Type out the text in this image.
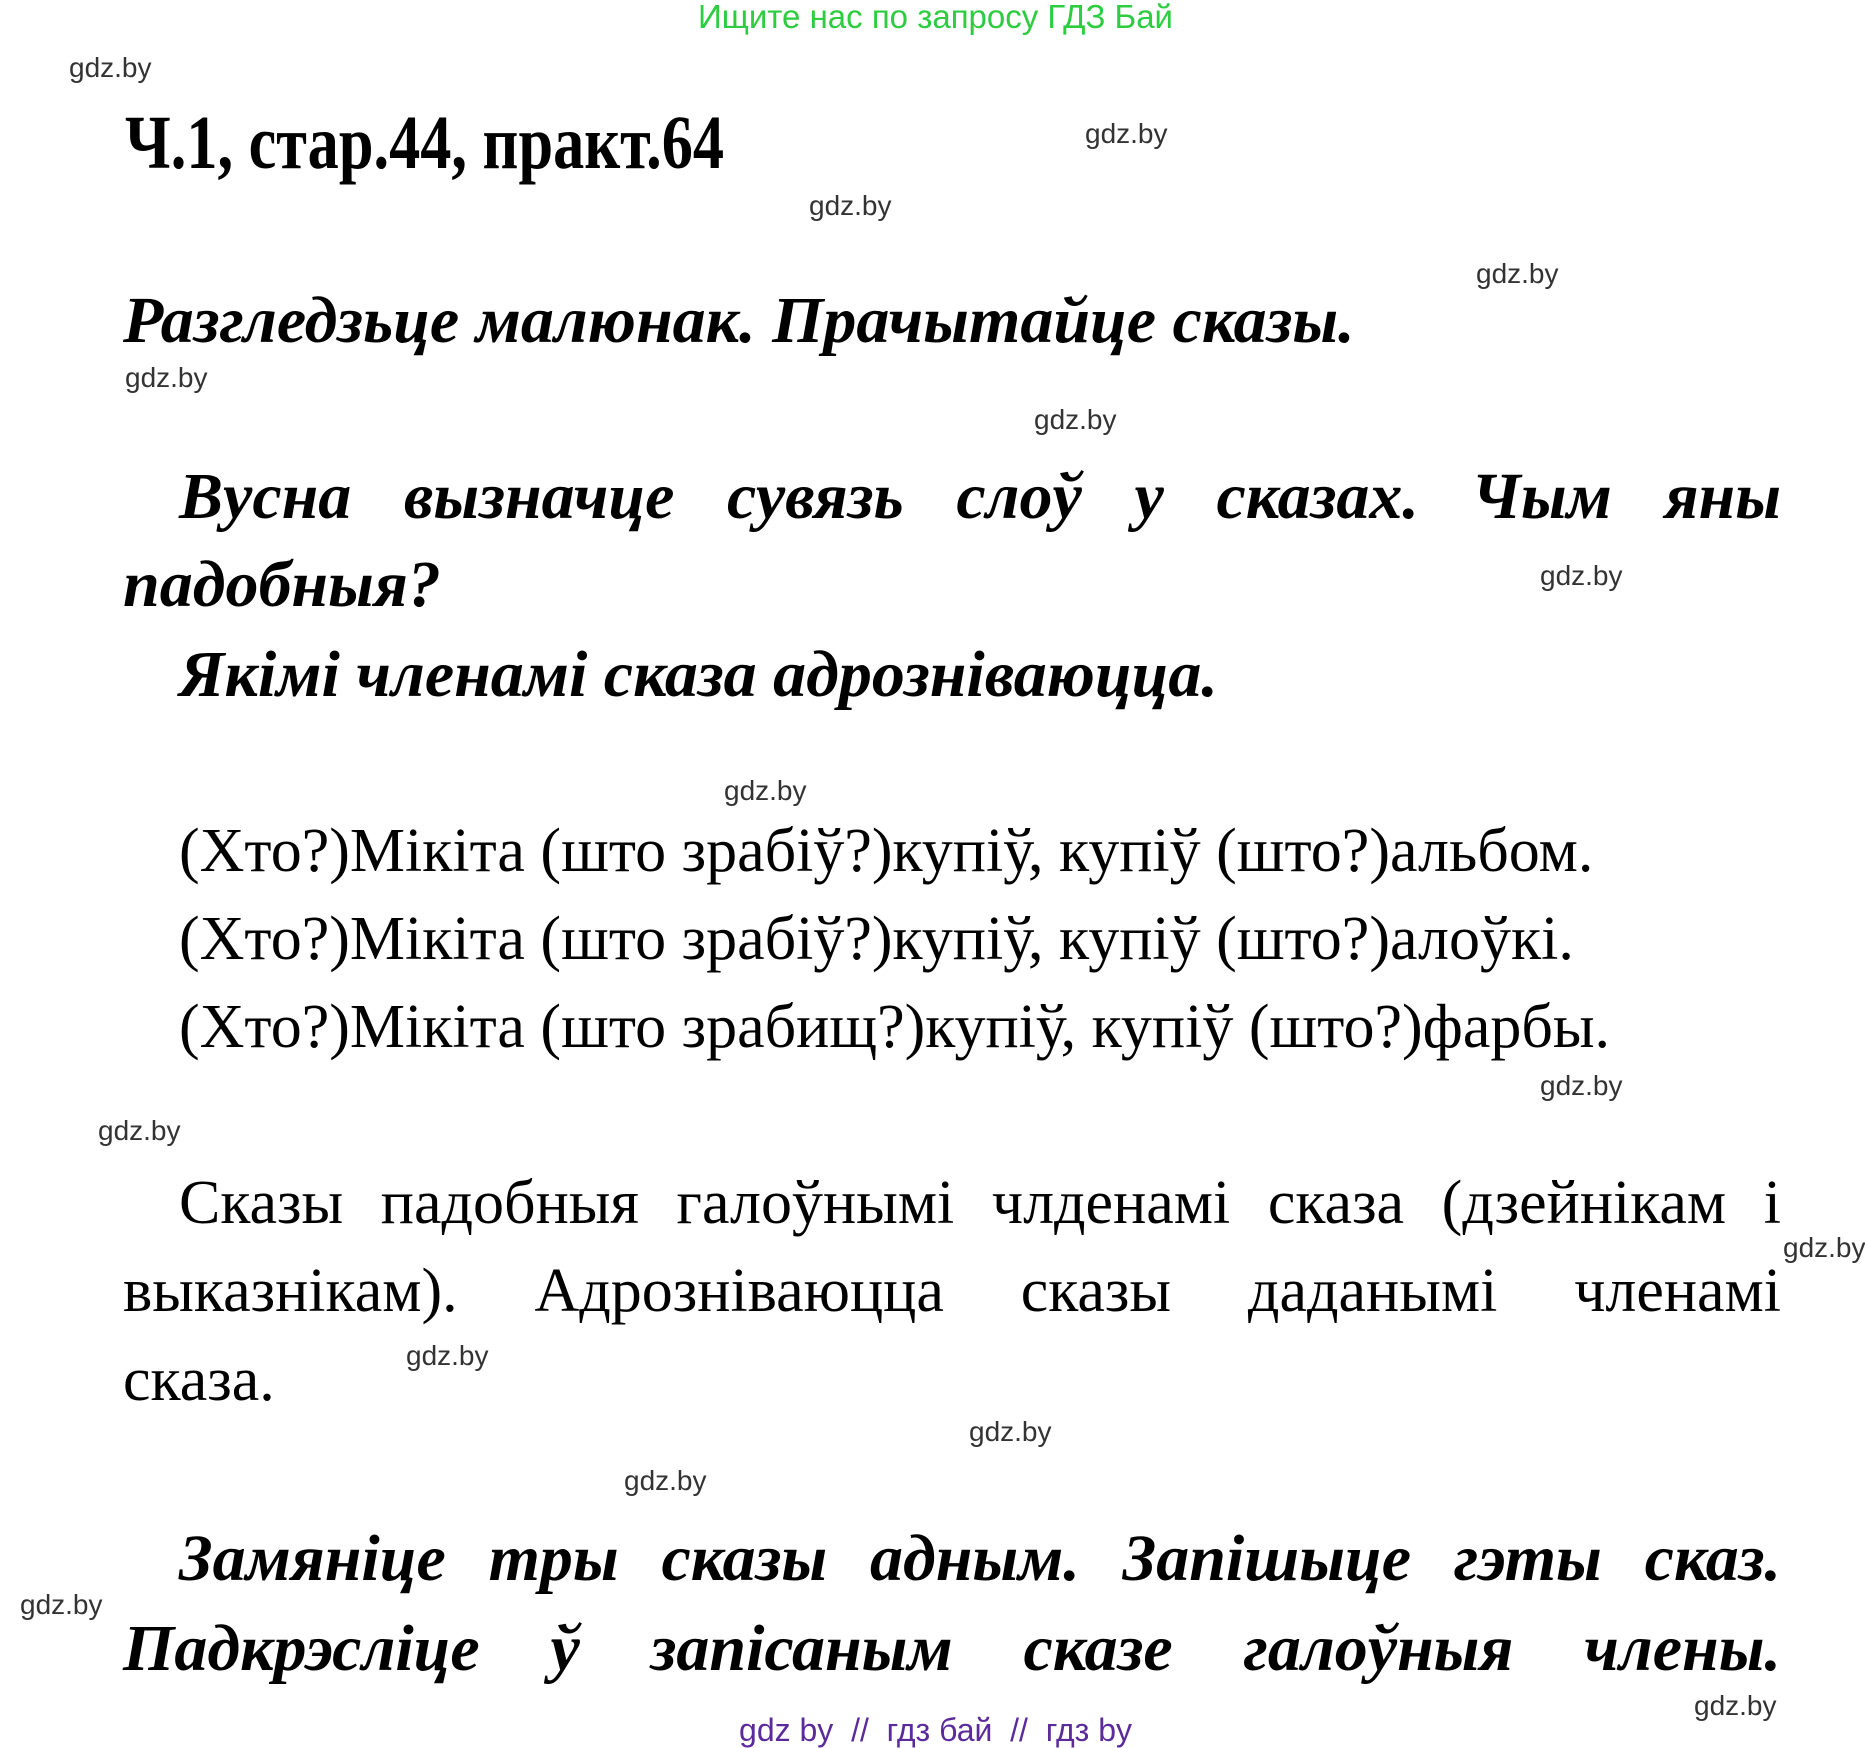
Ищите нас по запросу ГДЗ Бай
gdz.by
gdz.by
gdz.by
gdz.by
gdz.by
gdz.by
gdz.by
gdz.by
gdz.by
gdz.by
gdz.by
gdz.by
gdz.by
gdz.by
gdz.by
gdz.by
Ч.1, стар.44, практ.64
Разгледзьце малюнак. Прачытайце сказы.
Вусна вызначце сувязь слоў у сказах. Чым яны
падобныя?
Якімі членамі сказа адрозніваюцца.
(Хто?)Мікіта (што зрабіў?)купіў, купіў (што?)альбом.
(Хто?)Мікіта (што зрабіў?)купіў, купіў (што?)алоўкі.
(Хто?)Мікіта (што зрабищ?)купіў, купіў (што?)фарбы.
Сказы падобныя галоўнымі члденамі сказа (дзейнікам і
выказнікам). Адрозніваюцца сказы даданымі членамі
сказа.
Замяніце тры сказы адным. Запішыце гэты сказ.
Падкрэсліце ў запісаным сказе галоўныя члены.
gdz by  //  гдз бай  //  гдз by
